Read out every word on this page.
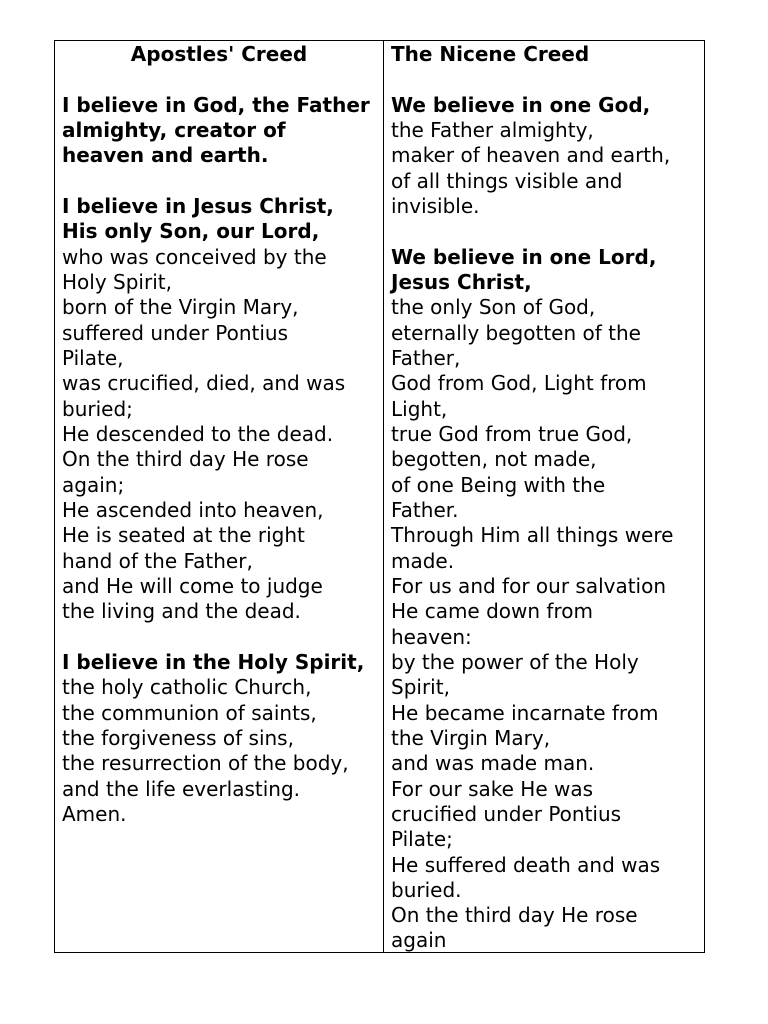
Apostles' Creed
I believe in God, the Father
almighty, creator of
heaven and earth.
I believe in Jesus Christ,
His only Son, our Lord,
who was conceived by the
Holy Spirit,
born of the Virgin Mary,
suffered under Pontius
Pilate,
was crucified, died, and was
buried;
He descended to the dead.
On the third day He rose
again;
He ascended into heaven,
He is seated at the right
hand of the Father,
and He will come to judge
the living and the dead.
I believe in the Holy Spirit,
the holy catholic Church,
the communion of saints,
the forgiveness of sins,
the resurrection of the body,
and the life everlasting.
Amen.
The Nicene Creed
We believe in one God,
the Father almighty,
maker of heaven and earth,
of all things visible and
invisible.
We believe in one Lord,
Jesus Christ,
the only Son of God,
eternally begotten of the
Father,
God from God, Light from
Light,
true God from true God,
begotten, not made,
of one Being with the
Father.
Through Him all things were
made.
For us and for our salvation
He came down from
heaven:
by the power of the Holy
Spirit,
He became incarnate from
the Virgin Mary,
and was made man.
For our sake He was
crucified under Pontius
Pilate;
He suffered death and was
buried.
On the third day He rose
again
